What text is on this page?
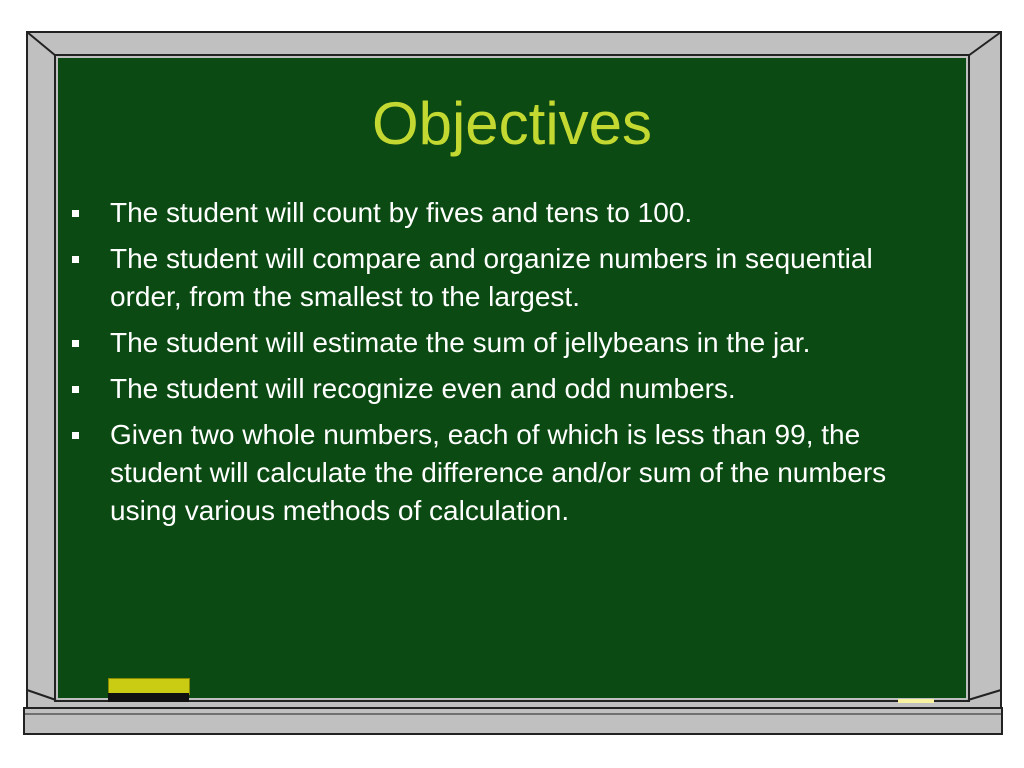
Objectives
The student will count by fives and tens to 100.
The student will compare and organize numbers in sequential order, from the smallest to the largest.
The student will estimate the sum of jellybeans in the jar.
The student will recognize even and odd numbers.
Given two whole numbers, each of which is less than 99, the student will calculate the difference and/or sum of the numbers using various methods of calculation.
